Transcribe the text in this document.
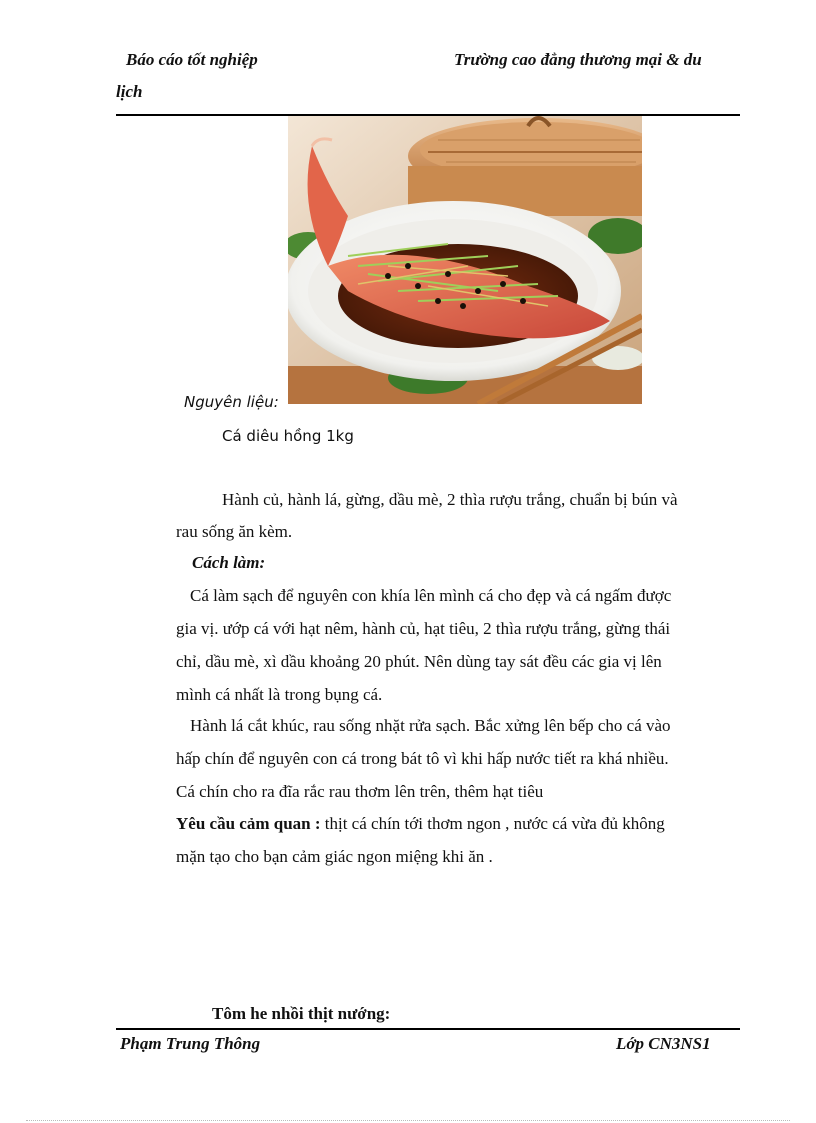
Báo cáo tốt nghiệp	Trường cao đẳng thương mại & du
lịch
Nguyên liệu:
Cá diêu hồng 1kg
Hành củ, hành lá, gừng, dầu mè, 2 thìa rượu trắng, chuẩn bị bún và
rau sống ăn kèm.
Cách làm:
Cá làm sạch để nguyên con khía lên mình cá cho đẹp và cá ngấm được
gia vị. ướp cá với hạt nêm, hành củ, hạt tiêu, 2 thìa rượu trắng, gừng thái
chỉ, dầu mè, xì dầu khoảng 20 phút. Nên dùng tay sát đều các gia vị lên
mình cá nhất là trong bụng cá.
Hành lá cắt khúc, rau sống nhặt rửa sạch. Bắc xửng lên bếp cho cá vào
hấp chín để nguyên con cá trong bát tô vì khi hấp nước tiết ra khá nhiều.
Cá chín cho ra đĩa rắc rau thơm lên trên, thêm hạt tiêu
Yêu cầu cảm quan : thịt cá chín tới thơm ngon , nước cá vừa đủ không
mặn tạo cho bạn cảm giác ngon miệng khi ăn .
Tôm he nhồi thịt nướng:
Phạm Trung Thông	Lớp CN3NS1
